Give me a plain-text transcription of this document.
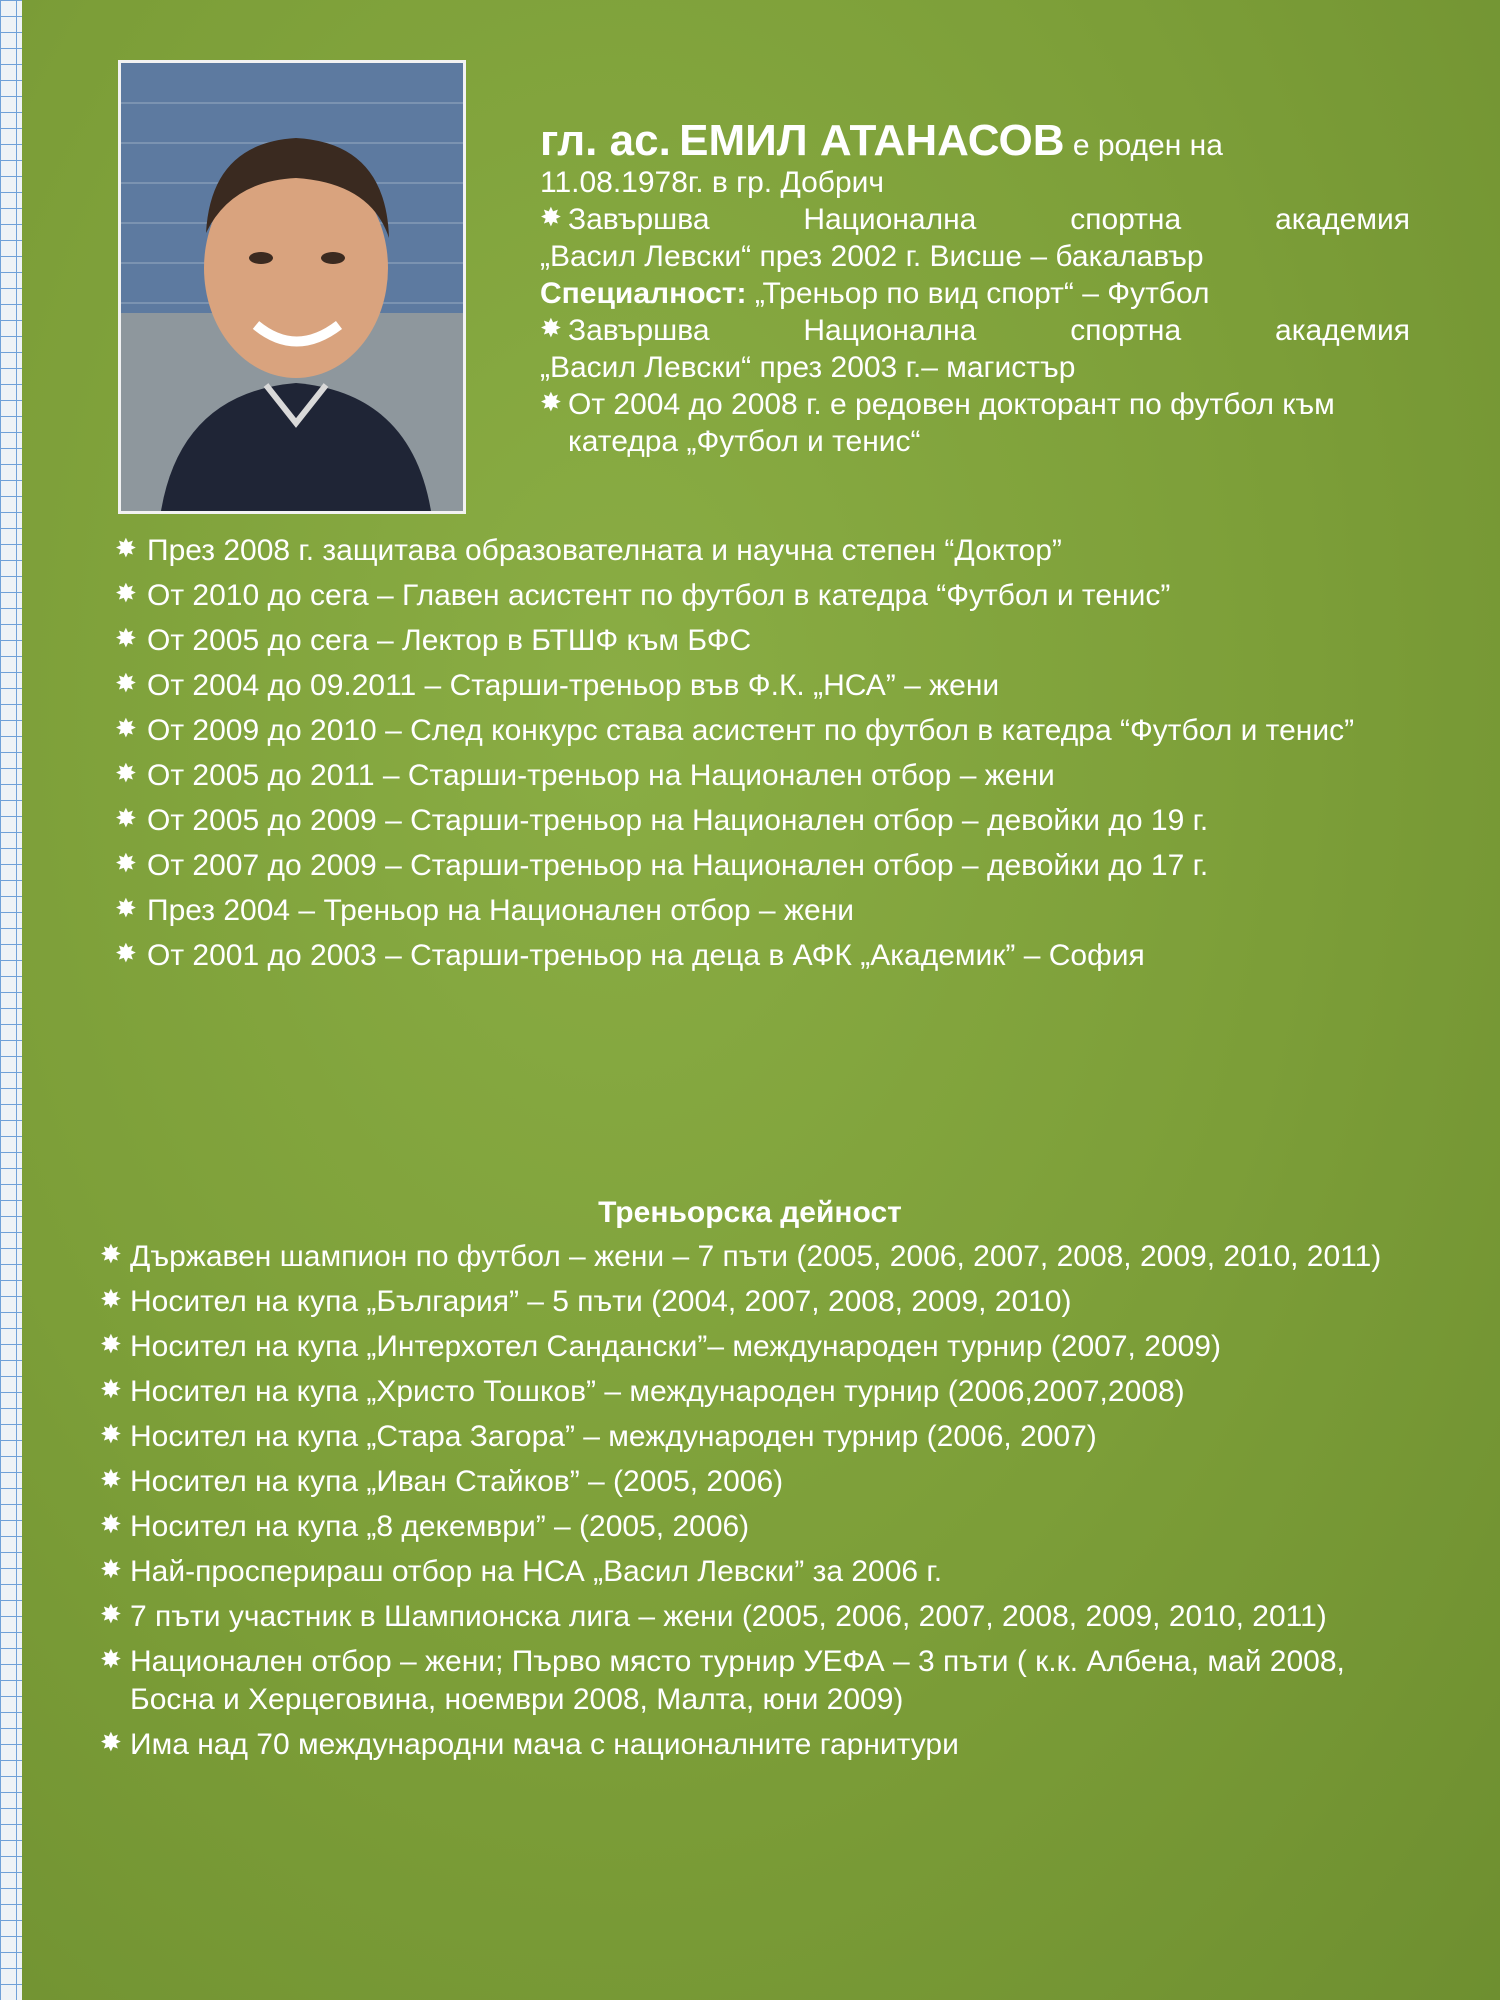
гл. ас. ЕМИЛ АТАНАСОВ е роден на
11.08.1978г. в гр. Добрич
✸ Завършва Национална спортна академия
„Васил Левски“ през 2002 г. Висше – бакалавър
Специалност: „Треньор по вид спорт“ – Футбол
✸ Завършва Национална спортна академия
„Васил Левски“ през 2003 г.– магистър
✸ От 2004 до 2008 г. е редовен докторант по футбол към катедра „Футбол и тенис“
✸ През 2008 г. защитава образователната и научна степен “Доктор”
✸ От 2010 до сега – Главен асистент по футбол в катедра “Футбол и тенис”
✸ От 2005 до сега – Лектор в БТШФ към БФС
✸ От 2004 до 09.2011 – Старши-треньор във Ф.К. „НСА” – жени
✸ От 2009 до 2010 – След конкурс става асистент по футбол в катедра “Футбол и тенис”
✸ От 2005 до 2011 – Старши-треньор на Национален отбор – жени
✸ От 2005 до 2009 – Старши-треньор на Национален отбор – девойки до 19 г.
✸ От 2007 до 2009 – Старши-треньор на Национален отбор – девойки до 17 г.
✸ През 2004 – Треньор на Национален отбор – жени
✸ От 2001 до 2003 – Старши-треньор на деца в АФК „Академик” – София
Треньорска дейност
✸ Държавен шампион по футбол – жени – 7 пъти (2005, 2006, 2007, 2008, 2009, 2010, 2011)
✸ Носител на купа „България” – 5 пъти (2004, 2007, 2008, 2009, 2010)
✸ Носител на купа „Интерхотел Сандански”– международен турнир (2007, 2009)
✸ Носител на купа „Христо Тошков” – международен турнир (2006,2007,2008)
✸ Носител на купа „Стара Загора” – международен турнир (2006, 2007)
✸ Носител на купа „Иван Стайков” – (2005, 2006)
✸ Носител на купа „8 декември” – (2005, 2006)
✸ Най-просперираш отбор на НСА „Васил Левски” за 2006 г.
✸ 7 пъти участник в Шампионска лига – жени (2005, 2006, 2007, 2008, 2009, 2010, 2011)
✸ Национален отбор – жени; Първо място турнир УЕФА – 3 пъти ( к.к. Албена, май 2008, Босна и Херцеговина, ноември 2008, Малта, юни 2009)
✸ Има над 70 международни мача с националните гарнитури
